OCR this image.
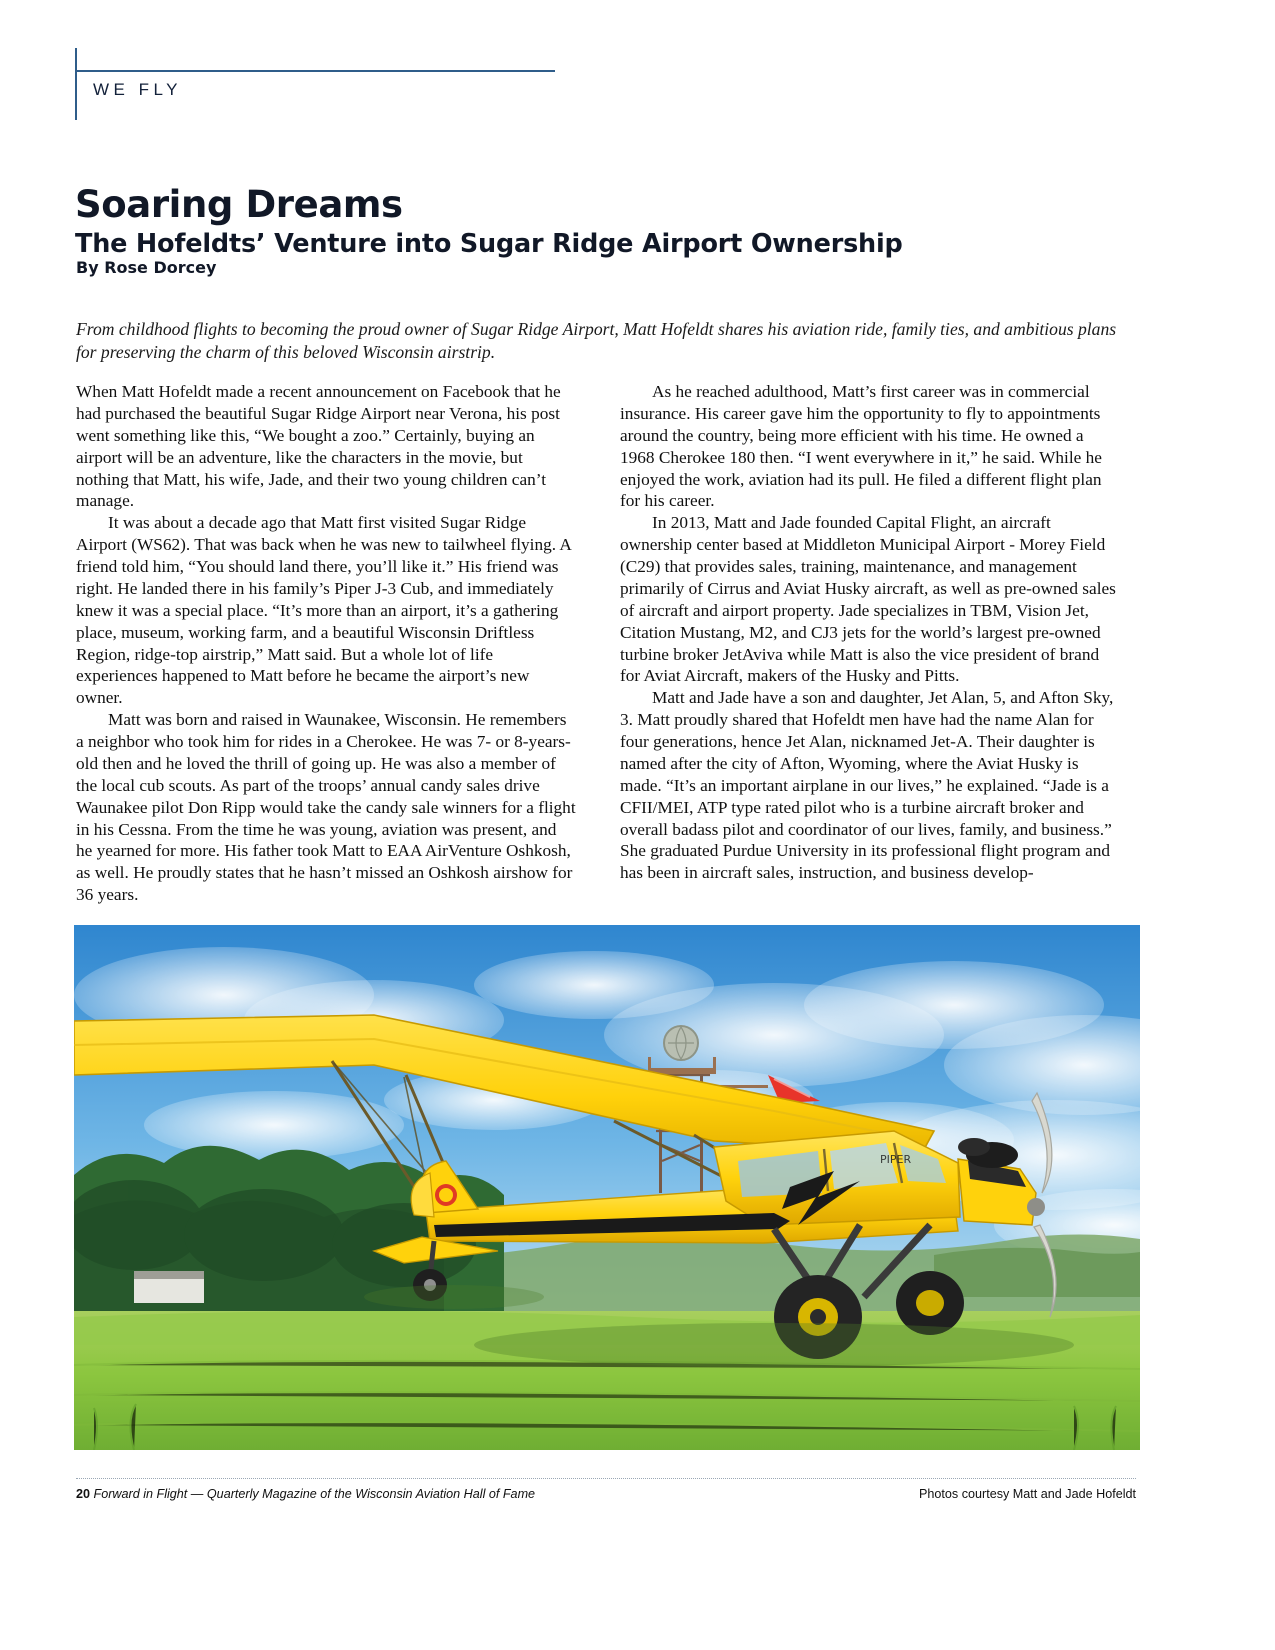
WE FLY
Soaring Dreams
The Hofeldts’ Venture into Sugar Ridge Airport Ownership
By Rose Dorcey
From childhood flights to becoming the proud owner of Sugar Ridge Airport, Matt Hofeldt shares his aviation ride, family ties, and ambitious plans for preserving the charm of this beloved Wisconsin airstrip.

When Matt Hofeldt made a recent announcement on Facebook that he had purchased the beautiful Sugar Ridge Airport near Verona, his post went something like this, “We bought a zoo.” Certainly, buying an airport will be an adventure, like the characters in the movie, but nothing that Matt, his wife, Jade, and their two young children can’t manage.

It was about a decade ago that Matt first visited Sugar Ridge Airport (WS62). That was back when he was new to tailwheel flying. A friend told him, “You should land there, you’ll like it.” His friend was right. He landed there in his family’s Piper J-3 Cub, and immediately knew it was a special place. “It’s more than an airport, it’s a gathering place, museum, working farm, and a beautiful Wisconsin Driftless Region, ridge-top airstrip,” Matt said. But a whole lot of life experiences happened to Matt before he became the airport’s new owner.

Matt was born and raised in Waunakee, Wisconsin. He remembers a neighbor who took him for rides in a Cherokee. He was 7- or 8-years-old then and he loved the thrill of going up. He was also a member of the local cub scouts. As part of the troops’ annual candy sales drive Waunakee pilot Don Ripp would take the candy sale winners for a flight in his Cessna. From the time he was young, aviation was present, and he yearned for more. His father took Matt to EAA AirVenture Oshkosh, as well. He proudly states that he hasn’t missed an Oshkosh airshow for 36 years.

As he reached adulthood, Matt’s first career was in commercial insurance. His career gave him the opportunity to fly to appointments around the country, being more efficient with his time. He owned a 1968 Cherokee 180 then. “I went everywhere in it,” he said. While he enjoyed the work, aviation had its pull. He filed a different flight plan for his career.

In 2013, Matt and Jade founded Capital Flight, an aircraft ownership center based at Middleton Municipal Airport - Morey Field (C29) that provides sales, training, maintenance, and management primarily of Cirrus and Aviat Husky aircraft, as well as pre-owned sales of aircraft and airport property. Jade specializes in TBM, Vision Jet, Citation Mustang, M2, and CJ3 jets for the world’s largest pre-owned turbine broker JetAviva while Matt is also the vice president of brand for Aviat Aircraft, makers of the Husky and Pitts.

Matt and Jade have a son and daughter, Jet Alan, 5, and Afton Sky, 3. Matt proudly shared that Hofeldt men have had the name Alan for four generations, hence Jet Alan, nicknamed Jet-A. Their daughter is named after the city of Afton, Wyoming, where the Aviat Husky is made. “It’s an important airplane in our lives,” he explained. “Jade is a CFII/MEI, ATP type rated pilot who is a turbine aircraft broker and overall badass pilot and coordinator of our lives, family, and business.” She graduated Purdue University in its professional flight program and has been in aircraft sales, instruction, and business develop-

PIPER
20 Forward in Flight — Quarterly Magazine of the Wisconsin Aviation Hall of Fame	Photos courtesy Matt and Jade Hofeldt
